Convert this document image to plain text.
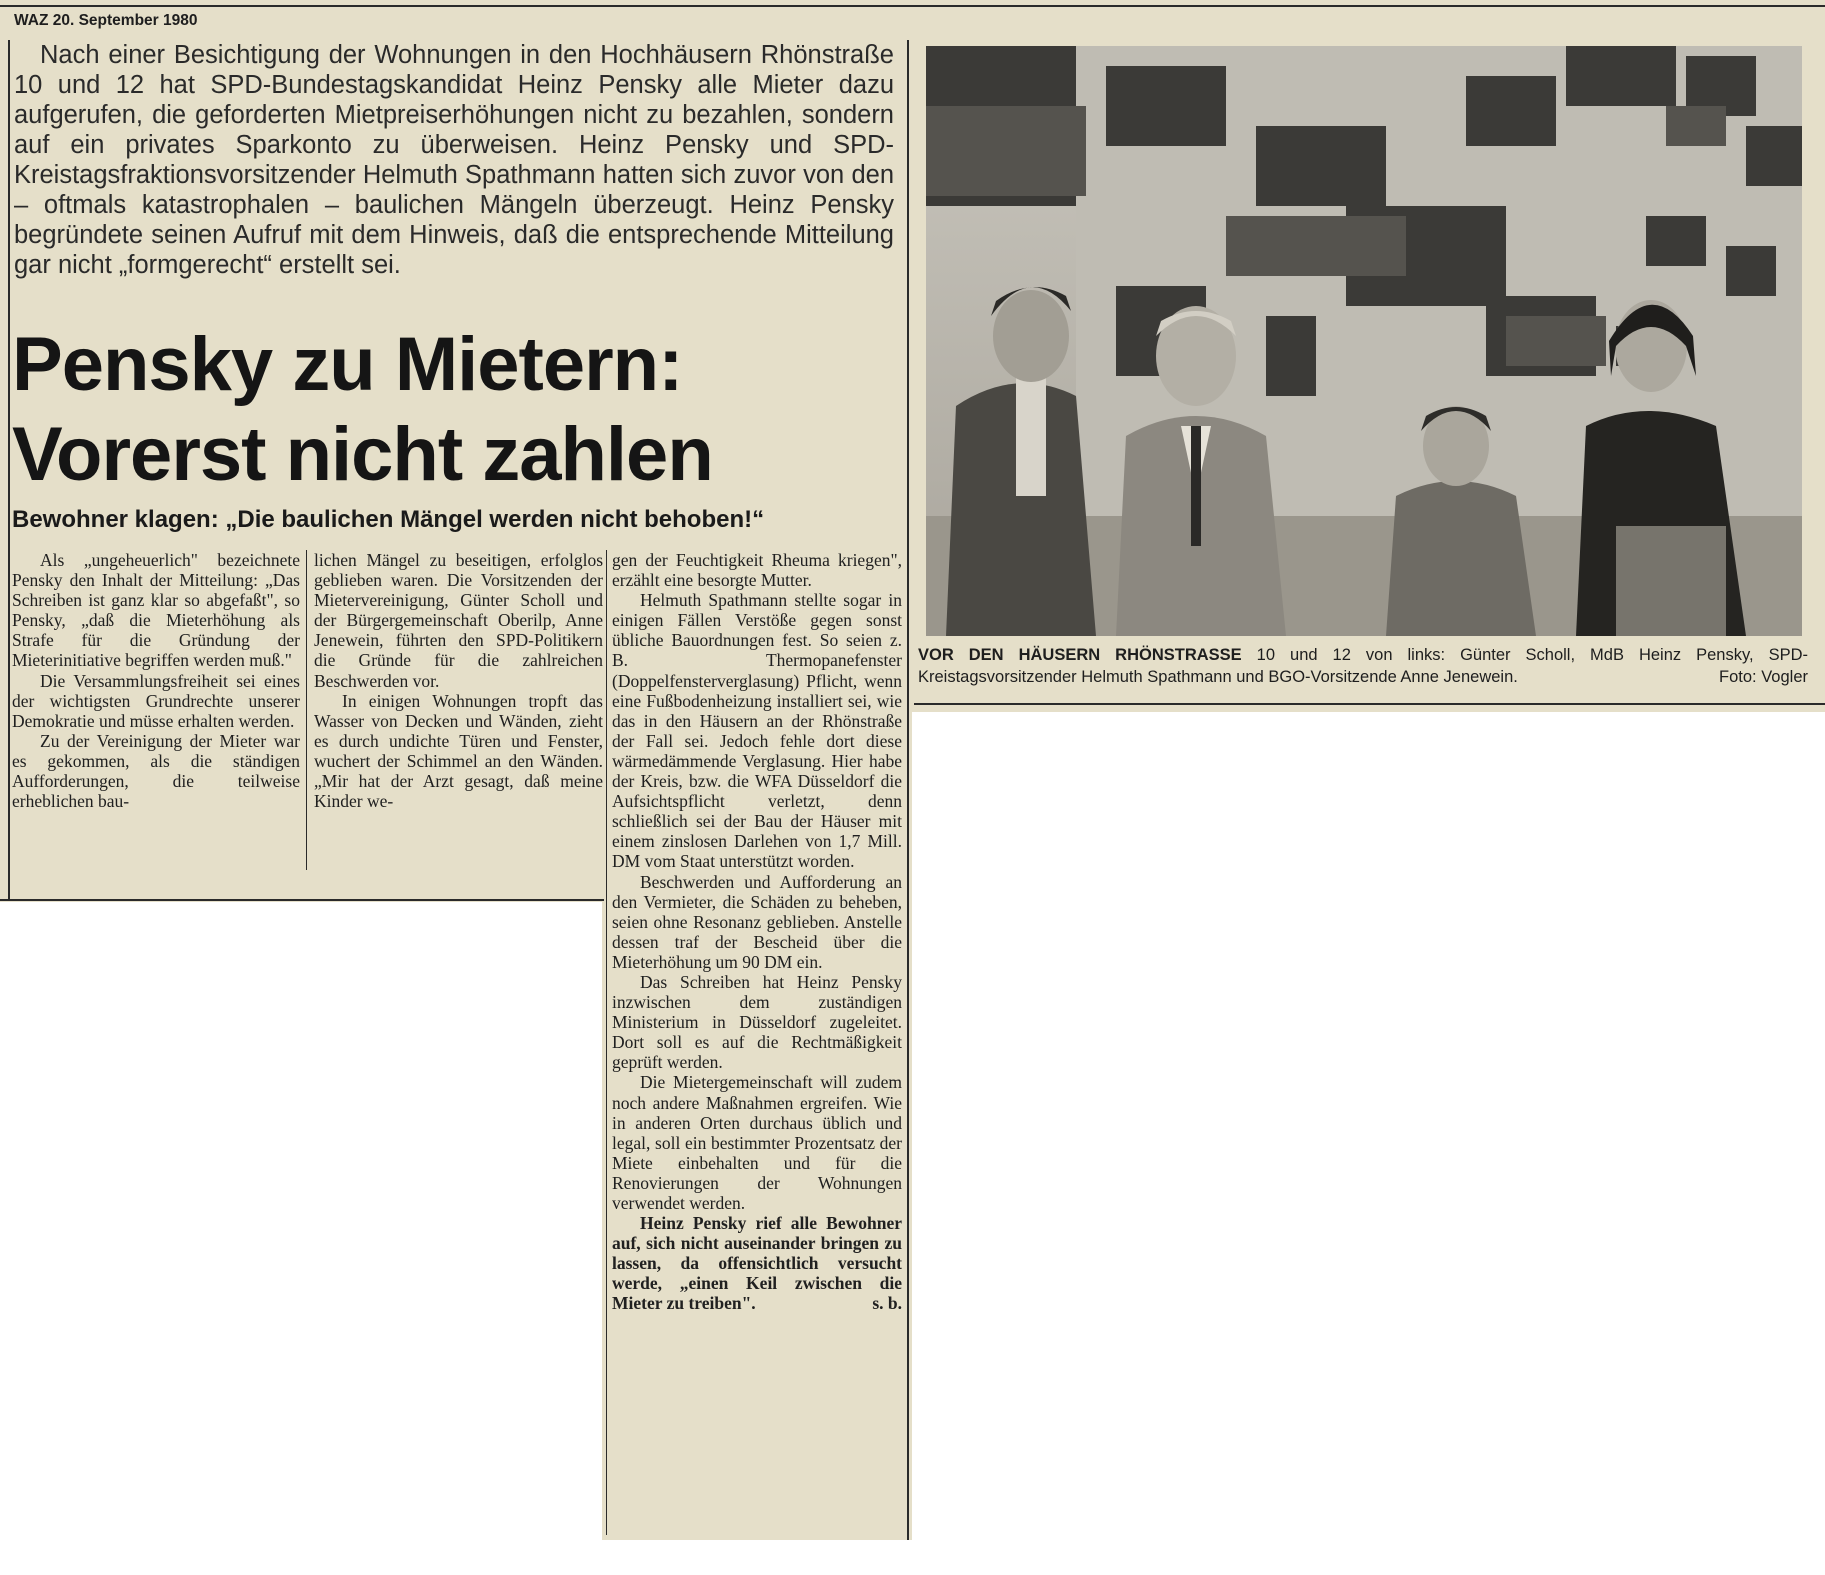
WAZ 20. September 1980
Nach einer Besichtigung der Wohnungen in den Hochhäusern Rhönstraße 10 und 12 hat SPD-Bundestagskandidat Heinz Pensky alle Mieter dazu aufgerufen, die geforderten Mietpreiserhöhungen nicht zu bezahlen, sondern auf ein privates Sparkonto zu überweisen. Heinz Pensky und SPD-Kreistagsfraktionsvorsitzender Helmuth Spathmann hatten sich zuvor von den – oftmals katastrophalen – baulichen Mängeln überzeugt. Heinz Pensky begründete seinen Aufruf mit dem Hinweis, daß die entsprechende Mitteilung gar nicht „formgerecht“ erstellt sei.
Pensky zu Mietern:
Vorerst nicht zahlen
Bewohner klagen: „Die baulichen Mängel werden nicht behoben!“

Als „ungeheuerlich" bezeichnete Pensky den Inhalt der Mitteilung: „Das Schreiben ist ganz klar so abgefaßt", so Pensky, „daß die Mieterhöhung als Strafe für die Gründung der Mieterinitiative begriffen werden muß."

Die Versammlungsfreiheit sei eines der wichtigsten Grundrechte unserer Demokratie und müsse erhalten werden.

Zu der Vereinigung der Mieter war es gekommen, als die ständigen Aufforderungen, die teilweise erheblichen bau-

lichen Mängel zu beseitigen, erfolglos geblieben waren. Die Vorsitzenden der Mietervereinigung, Günter Scholl und der Bürgergemeinschaft Oberilp, Anne Jenewein, führten den SPD-Politikern die Gründe für die zahlreichen Beschwerden vor.

In einigen Wohnungen tropft das Wasser von Decken und Wänden, zieht es durch undichte Türen und Fenster, wuchert der Schimmel an den Wänden. „Mir hat der Arzt gesagt, daß meine Kinder we-

gen der Feuchtigkeit Rheuma kriegen", erzählt eine besorgte Mutter.

Helmuth Spathmann stellte sogar in einigen Fällen Verstöße gegen sonst übliche Bauordnungen fest. So seien z. B. Thermopanefenster (Doppelfensterverglasung) Pflicht, wenn eine Fußbodenheizung installiert sei, wie das in den Häusern an der Rhönstraße der Fall sei. Jedoch fehle dort diese wärmedämmende Verglasung. Hier habe der Kreis, bzw. die WFA Düsseldorf die Aufsichtspflicht verletzt, denn schließlich sei der Bau der Häuser mit einem zinslosen Darlehen von 1,7 Mill. DM vom Staat unterstützt worden.

Beschwerden und Aufforderung an den Vermieter, die Schäden zu beheben, seien ohne Resonanz geblieben. Anstelle dessen traf der Bescheid über die Mieterhöhung um 90 DM ein.

Das Schreiben hat Heinz Pensky inzwischen dem zuständigen Ministerium in Düsseldorf zugeleitet. Dort soll es auf die Rechtmäßigkeit geprüft werden.

Die Mietergemeinschaft will zudem noch andere Maßnahmen ergreifen. Wie in anderen Orten durchaus üblich und legal, soll ein bestimmter Prozentsatz der Miete einbehalten und für die Renovierungen der Wohnungen verwendet werden.

Heinz Pensky rief alle Bewohner auf, sich nicht auseinander bringen zu lassen, da offensichtlich versucht werde, „einen Keil zwischen die Mieter zu treiben".	s. b.

VOR DEN HÄUSERN RHÖNSTRASSE 10 und 12 von links: Günter Scholl, MdB Heinz Pensky, SPD-Kreistagsvorsitzender Helmuth Spathmann und BGO-Vorsitzende Anne Jenewein.	Foto: Vogler
